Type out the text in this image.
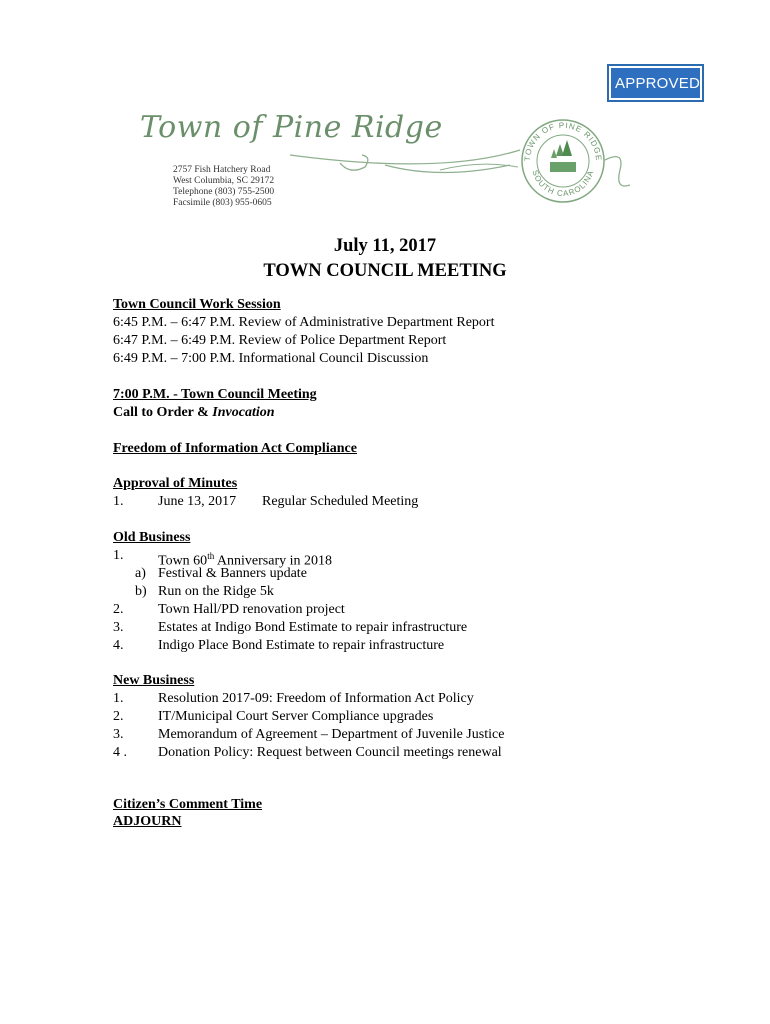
APPROVED
Town of Pine Ridge
2757 Fish Hatchery Road
West Columbia, SC 29172
Telephone (803) 755-2500
Facsimile (803) 955-0605
TOWN OF PINE RIDGE
SOUTH CAROLINA
July 11, 2017
TOWN COUNCIL MEETING
Town Council Work Session
6:45 P.M. – 6:47 P.M. Review of Administrative Department Report
6:47 P.M. – 6:49 P.M. Review of Police Department Report
6:49 P.M. – 7:00 P.M. Informational Council Discussion
7:00 P.M. - Town Council Meeting
Call to Order & Invocation
Freedom of Information Act Compliance
Approval of Minutes
1. June 13, 2017 Regular Scheduled Meeting
Old Business
1. Town 60th Anniversary in 2018
a) Festival & Banners update
b) Run on the Ridge 5k
2. Town Hall/PD renovation project
3. Estates at Indigo Bond Estimate to repair infrastructure
4. Indigo Place Bond Estimate to repair infrastructure
New Business
1. Resolution 2017-09: Freedom of Information Act Policy
2. IT/Municipal Court Server Compliance upgrades
3. Memorandum of Agreement – Department of Juvenile Justice
4 . Donation Policy: Request between Council meetings renewal
Citizen’s Comment Time
ADJOURN
